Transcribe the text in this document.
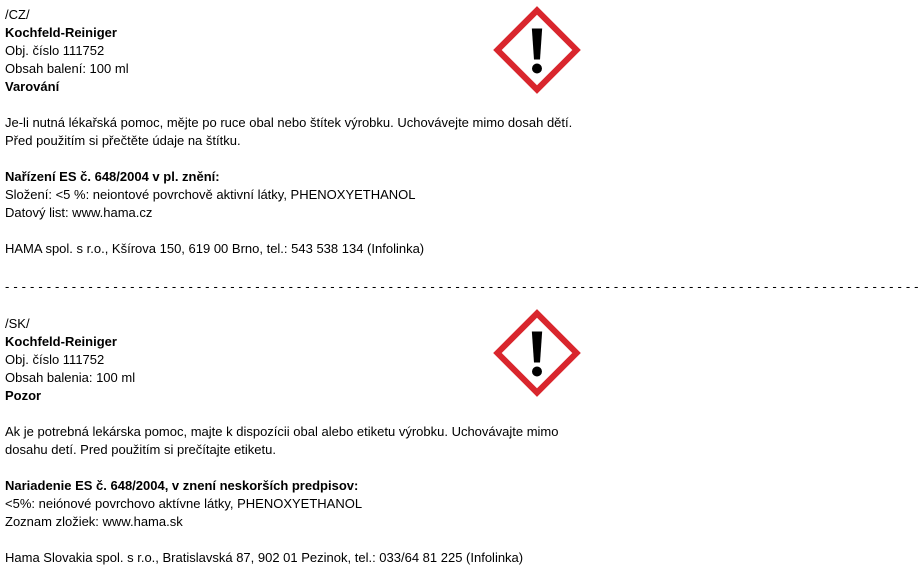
/CZ/
Kochfeld-Reiniger
Obj. číslo 111752
Obsah balení: 100 ml
Varování
Je-li nutná lékařská pomoc, mějte po ruce obal nebo štítek výrobku. Uchovávejte mimo dosah dětí.
Před použitím si přečtěte údaje na štítku.
Nařízení ES č. 648/2004 v pl. znění:
Složení: <5 %: neiontové povrchově aktivní látky, PHENOXYETHANOL
Datový list: www.hama.cz
HAMA spol. s r.o., Kšírova 150, 619 00 Brno, tel.: 543 538 134 (Infolinka)
- - - - - - - - - - - - - - - - - - - - - - - - - - - - - - - - - - - - - - - - - - - - - - - - - - - - - - - - - - - - - - - - - - - - - - - - - - - - - - - - - - - - - - - - - - - - - - - - - - - - - - - - - - - - - -
/SK/
Kochfeld-Reiniger
Obj. číslo 111752
Obsah balenia: 100 ml
Pozor
Ak je potrebná lekárska pomoc, majte k dispozícii obal alebo etiketu výrobku. Uchovávajte mimo
dosahu detí. Pred použitím si prečítajte etiketu.
Nariadenie ES č. 648/2004, v znení neskorších predpisov:
<5%: neiónové povrchovo aktívne látky, PHENOXYETHANOL
Zoznam zložiek: www.hama.sk
Hama Slovakia spol. s r.o., Bratislavská 87, 902 01 Pezinok, tel.: 033/64 81 225 (Infolinka)
